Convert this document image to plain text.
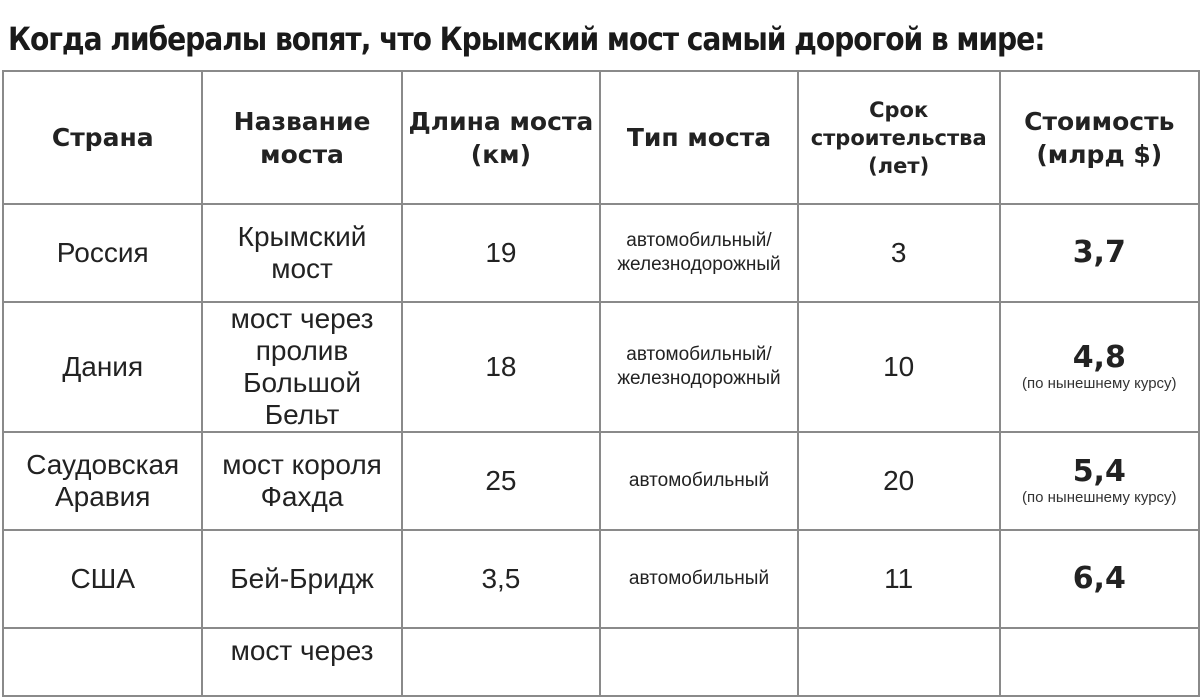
Когда либералы вопят, что Крымский мост самый дорогой в мире:
Страна	Название моста	Длина моста (км)	Тип моста	Срок строительства (лет)	Стоимость (млрд $)
Россия	Крымский мост	19	автомобильный/ железнодорожный	3	3,7

Дания	мост через пролив Большой Бельт	18	автомобильный/ железнодорожный	10	4,8
(по нынешнему курсу)

Саудовская Аравия	мост короля Фахда	25	автомобильный	20	5,4
(по нынешнему курсу)

США	Бей-Бридж	3,5	автомобильный	11	6,4

	мост через				
